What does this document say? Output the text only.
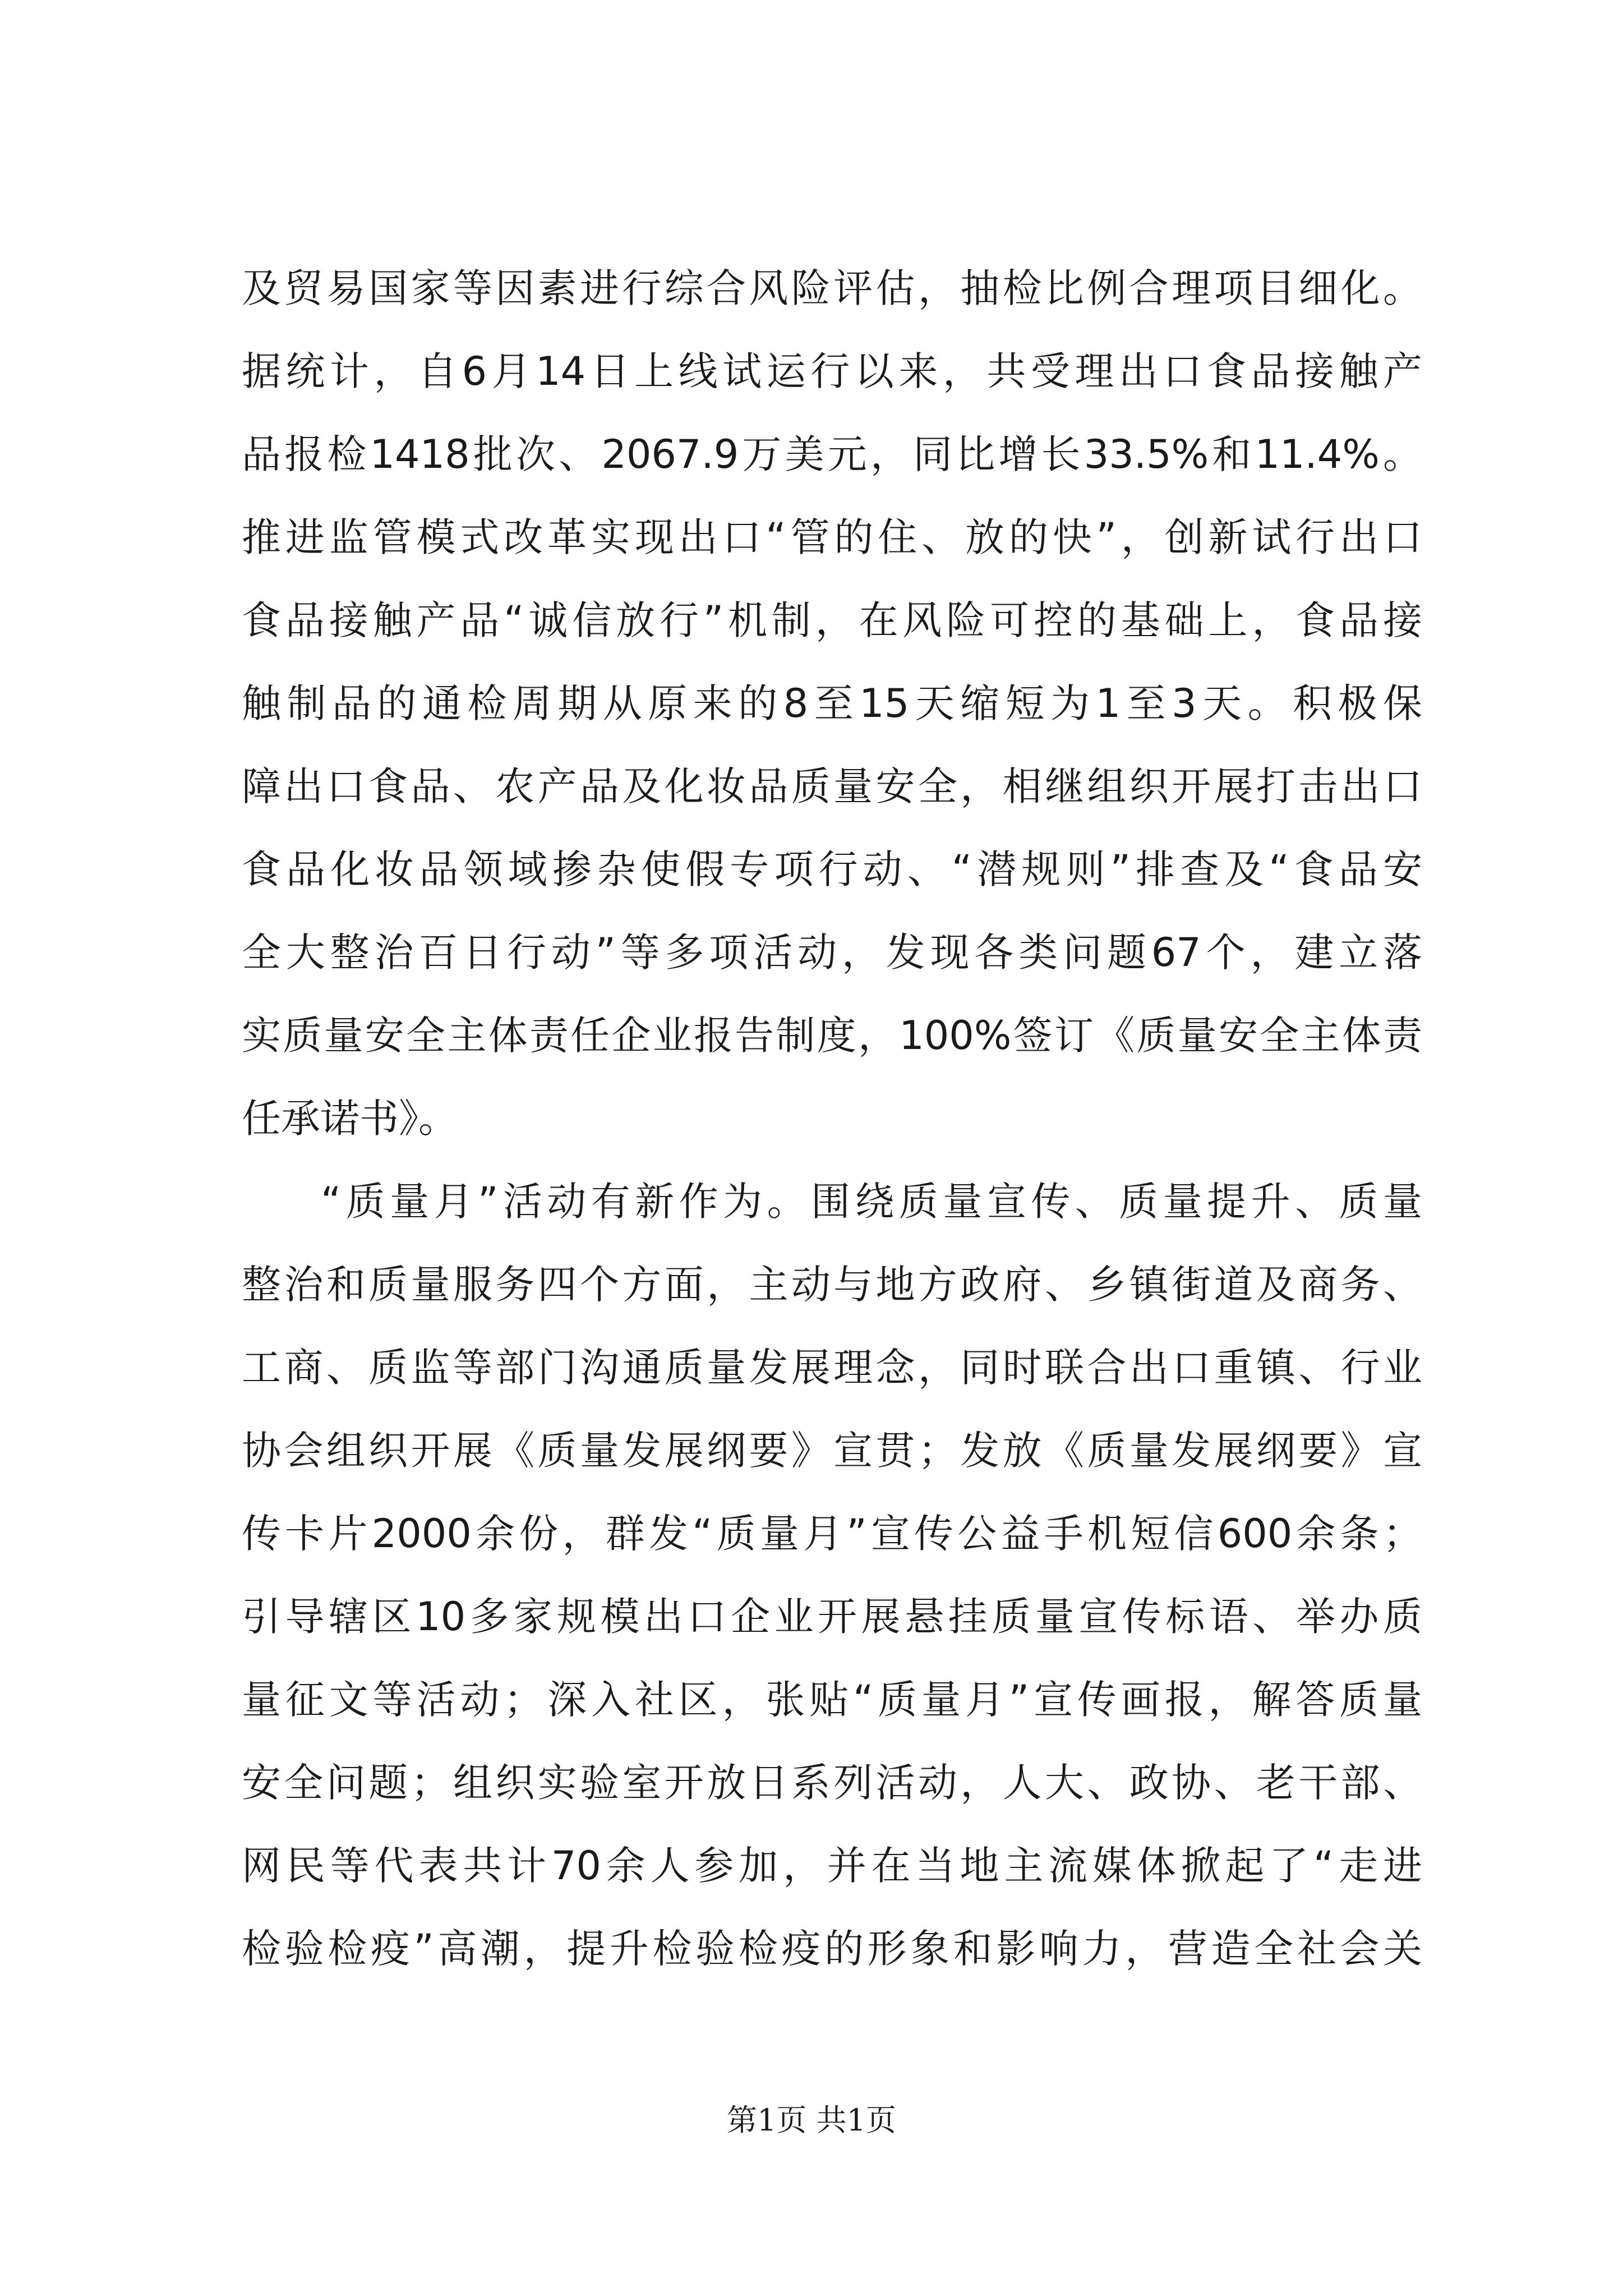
及贸易国家等因素进行综合风险评估，抽检比例合理项目细化。
据统计，自6月14日上线试运行以来，共受理出口食品接触产
品报检1418批次、2067.9万美元，同比增长33.5%和11.4%。
推进监管模式改革实现出口“管的住、放的快”，创新试行出口
食品接触产品“诚信放行”机制，在风险可控的基础上，食品接
触制品的通检周期从原来的8至15天缩短为1至3天。积极保
障出口食品、农产品及化妆品质量安全，相继组织开展打击出口
食品化妆品领域掺杂使假专项行动、“潜规则”排查及“食品安
全大整治百日行动”等多项活动，发现各类问题67个，建立落
实质量安全主体责任企业报告制度，100%签订《质量安全主体责
任承诺书》。
“质量月”活动有新作为。围绕质量宣传、质量提升、质量
整治和质量服务四个方面，主动与地方政府、乡镇街道及商务、
工商、质监等部门沟通质量发展理念，同时联合出口重镇、行业
协会组织开展《质量发展纲要》宣贯；发放《质量发展纲要》宣
传卡片2000余份，群发“质量月”宣传公益手机短信600余条；
引导辖区10多家规模出口企业开展悬挂质量宣传标语、举办质
量征文等活动；深入社区，张贴“质量月”宣传画报，解答质量
安全问题；组织实验室开放日系列活动，人大、政协、老干部、
网民等代表共计70余人参加，并在当地主流媒体掀起了“走进
检验检疫”高潮，提升检验检疫的形象和影响力，营造全社会关
第1页 共1页
